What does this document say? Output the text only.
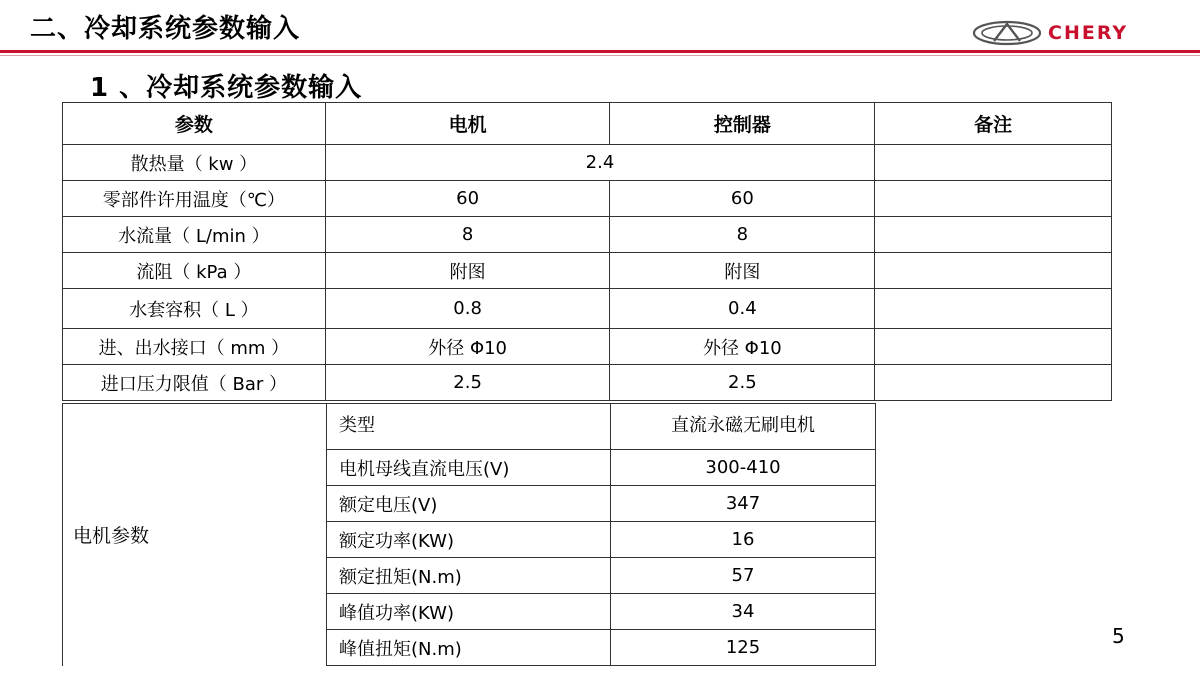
二、冷却系统参数输入	CHERY
1 、冷却系统参数输入
参数	电机	控制器	备注
散热量（ kw ）	2.4		
零部件许用温度（℃）	60	60	
水流量（ L/min ）	8	8	
流阻（ kPa ）	附图	附图	
水套容积（ L ）	0.8	0.4	
进、出水接口（ mm ）	外径 Φ10	外径 Φ10	
进口压力限值（ Bar ）	2.5	2.5	
电机参数	类型	直流永磁无刷电机
	电机母线直流电压(V)	300-410
	额定电压(V)	347
	额定功率(KW)	16
	额定扭矩(N.m)	57
	峰值功率(KW)	34
	峰值扭矩(N.m)	125	5
